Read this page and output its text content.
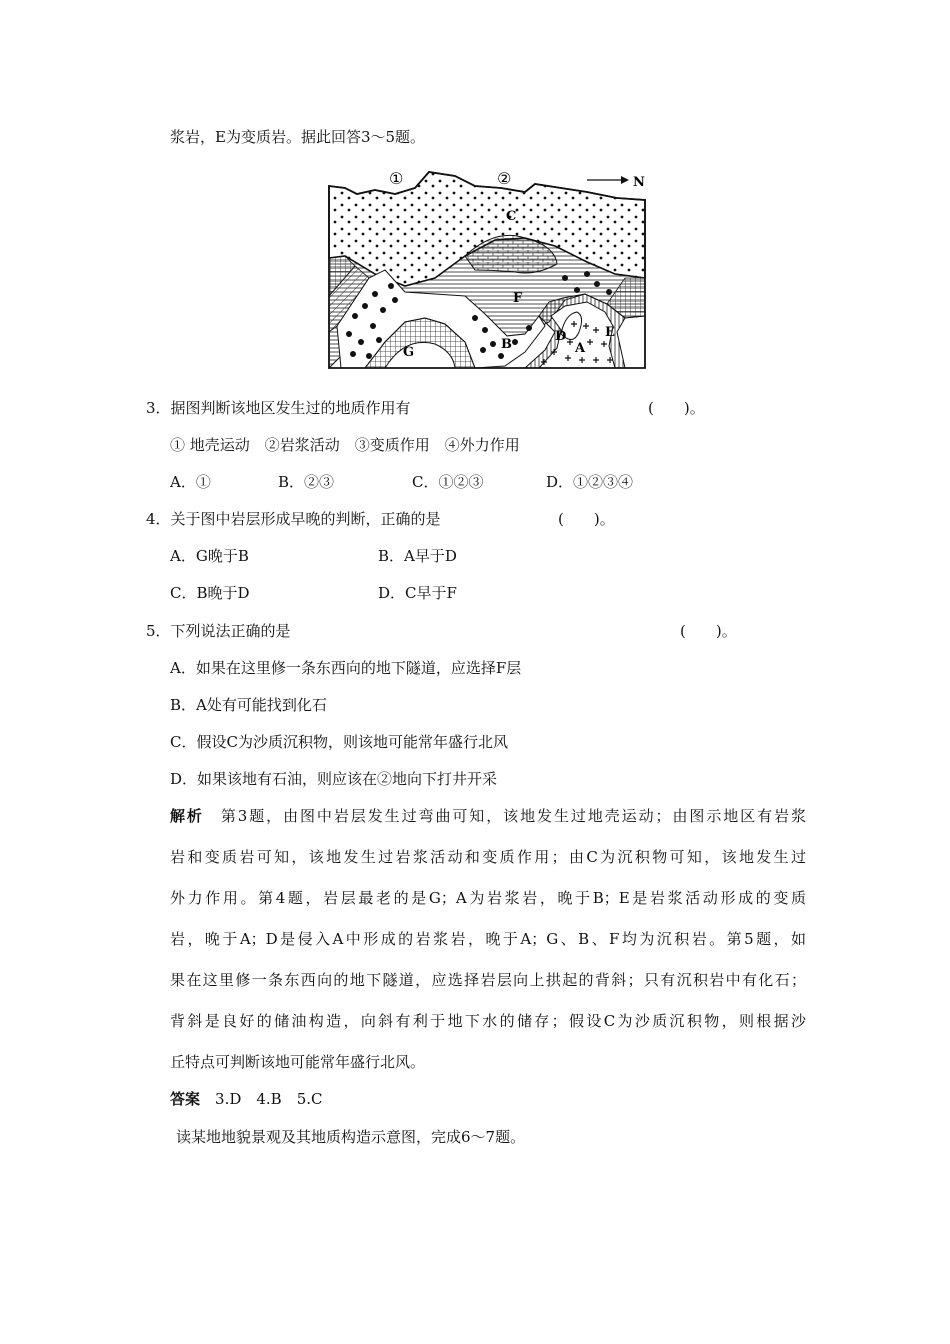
浆岩，E为变质岩。据此回答3～5题。
①	②	N
C
F
G
B
D
A
E
3．据图判断该地区发生过的地质作用有	(　　)。
① 地壳运动　②岩浆活动　③变质作用　④外力作用
A．①	B．②③	C．①②③	D．①②③④
4．关于图中岩层形成早晚的判断，正确的是	(　　)。
A．G晚于B	B．A早于D
C．B晚于D	D．C早于F
5．下列说法正确的是	(　　)。
A．如果在这里修一条东西向的地下隧道，应选择F层
B．A处有可能找到化石
C．假设C为沙质沉积物，则该地可能常年盛行北风
D．如果该地有石油，则应该在②地向下打井开采
解析　 第3题，由图中岩层发生过弯曲可知，该地发生过地壳运动；由图示地区有岩浆
岩和变质岩可知，该地发生过岩浆活动和变质作用；由C为沉积物可知，该地发生过
外力作用。第4题，岩层最老的是G；A为岩浆岩，晚于B；E是岩浆活动形成的变质
岩，晚于A；D是侵入A中形成的岩浆岩，晚于A；G、B、F均为沉积岩。第5题，如
果在这里修一条东西向的地下隧道，应选择岩层向上拱起的背斜；只有沉积岩中有化石；
背斜是良好的储油构造，向斜有利于地下水的储存；假设C为沙质沉积物，则根据沙
丘特点可判断该地可能常年盛行北风。
答案　 3.D　4.B　5.C
读某地地貌景观及其地质构造示意图，完成6～7题。
